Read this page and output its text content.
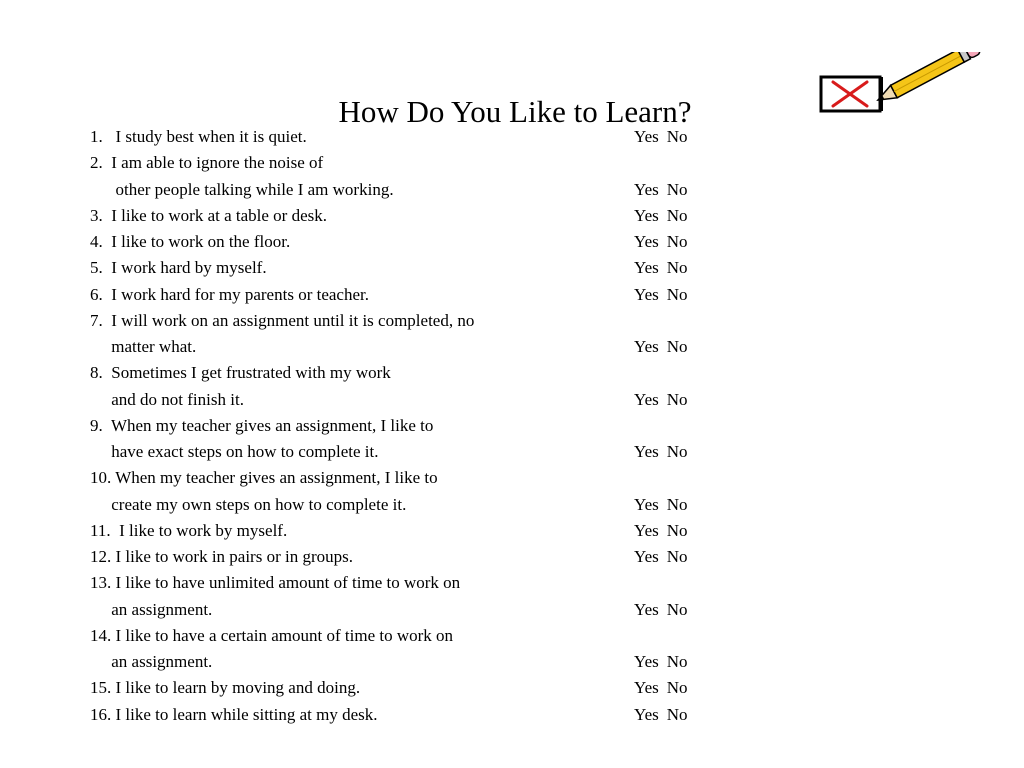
How Do You Like to Learn?
1.   I study best when it is quiet.	Yes No
2.  I am able to ignore the noise of
other people talking while I am working.	Yes No
3.  I like to work at a table or desk.	Yes No
4.  I like to work on the floor.	Yes No
5.  I work hard by myself.	Yes No
6.  I work hard for my parents or teacher.	Yes No
7.  I will work on an assignment until it is completed, no
matter what.	Yes No
8.  Sometimes I get frustrated with my work
and do not finish it.	Yes No
9.  When my teacher gives an assignment, I like to
have exact steps on how to complete it.	Yes No
10. When my teacher gives an assignment, I like to
create my own steps on how to complete it.	Yes No
11.  I like to work by myself.	Yes No
12. I like to work in pairs or in groups.	Yes No
13. I like to have unlimited amount of time to work on
an assignment.	Yes No
14. I like to have a certain amount of time to work on
an assignment.	Yes No
15. I like to learn by moving and doing.	Yes No
16. I like to learn while sitting at my desk.	Yes No
